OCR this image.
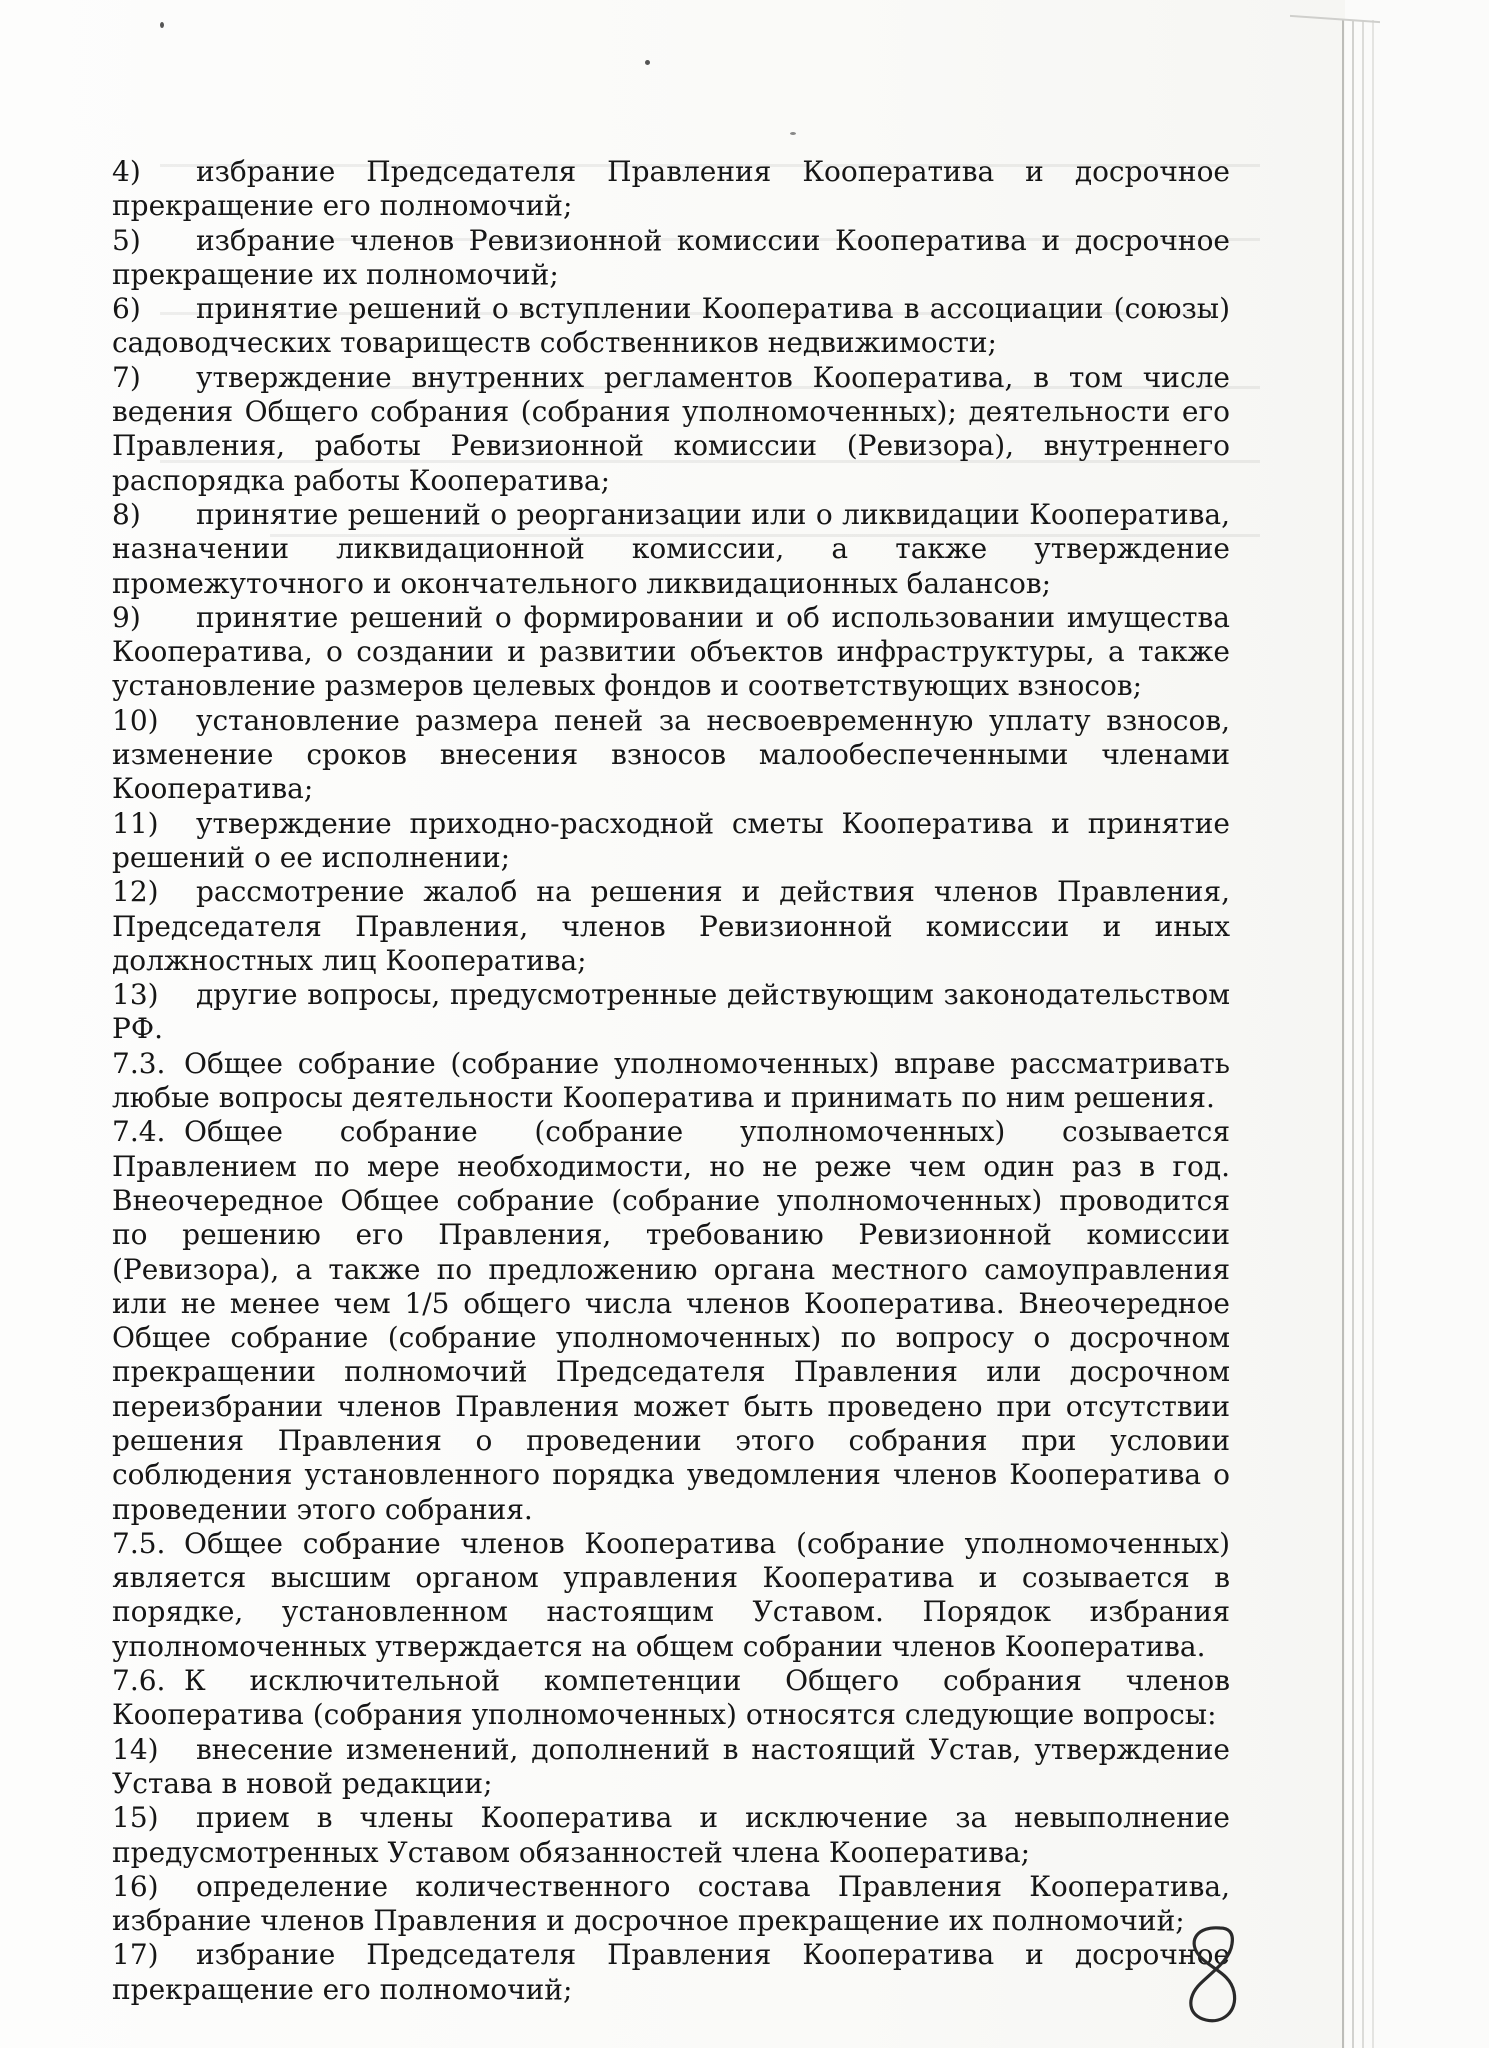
4) избрание Председателя Правления Кооператива и досрочное прекращение его полномочий;

5) избрание членов Ревизионной комиссии Кооператива и досрочное прекращение их полномочий;

6) принятие решений о вступлении Кооператива в ассоциации (союзы) садоводческих товариществ собственников недвижимости;

7) утверждение внутренних регламентов Кооператива, в том числе ведения Общего собрания (собрания уполномоченных); деятельности его Правления, работы Ревизионной комиссии (Ревизора), внутреннего распорядка работы Кооператива;

8) принятие решений о реорганизации или о ликвидации Кооператива, назначении ликвидационной комиссии, а также утверждение промежуточного и окончательного ликвидационных балансов;

9) принятие решений о формировании и об использовании имущества Кооператива, о создании и развитии объектов инфраструктуры, а также установление размеров целевых фондов и соответствующих взносов;

10) установление размера пеней за несвоевременную уплату взносов, изменение сроков внесения взносов малообеспеченными членами Кооператива;

11) утверждение приходно-расходной сметы Кооператива и принятие решений о ее исполнении;

12) рассмотрение жалоб на решения и действия членов Правления, Председателя Правления, членов Ревизионной комиссии и иных должностных лиц Кооператива;

13) другие вопросы, предусмотренные действующим законодательством РФ.

7.3. Общее собрание (собрание уполномоченных) вправе рассматривать любые вопросы деятельности Кооператива и принимать по ним решения.

7.4. Общее собрание (собрание уполномоченных) созывается Правлением по мере необходимости, но не реже чем один раз в год. Внеочередное Общее собрание (собрание уполномоченных) проводится по решению его Правления, требованию Ревизионной комиссии (Ревизора), а также по предложению органа местного самоуправления или не менее чем 1/5 общего числа членов Кооператива. Внеочередное Общее собрание (собрание уполномоченных) по вопросу о досрочном прекращении полномочий Председателя Правления или досрочном переизбрании членов Правления может быть проведено при отсутствии решения Правления о проведении этого собрания при условии соблюдения установленного порядка уведомления членов Кооператива о проведении этого собрания.

7.5. Общее собрание членов Кооператива (собрание уполномоченных) является высшим органом управления Кооператива и созывается в порядке, установленном настоящим Уставом. Порядок избрания уполномоченных утверждается на общем собрании членов Кооператива.

7.6. К исключительной компетенции Общего собрания членов Кооператива (собрания уполномоченных) относятся следующие вопросы:

14) внесение изменений, дополнений в настоящий Устав, утверждение Устава в новой редакции;

15) прием в члены Кооператива и исключение за невыполнение предусмотренных Уставом обязанностей члена Кооператива;

16) определение количественного состава Правления Кооператива, избрание членов Правления и досрочное прекращение их полномочий;

17) избрание Председателя Правления Кооператива и досрочное прекращение его полномочий;
